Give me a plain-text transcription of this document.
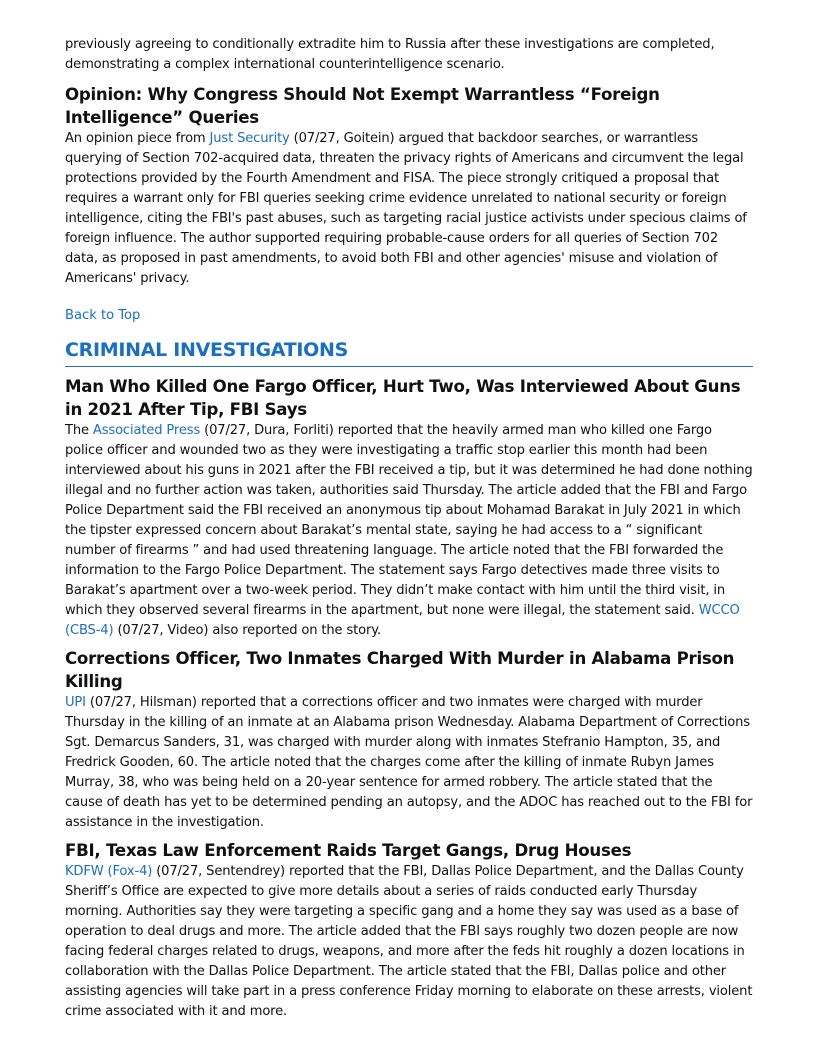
previously agreeing to conditionally extradite him to Russia after these investigations are completed, demonstrating a complex international counterintelligence scenario.

Opinion: Why Congress Should Not Exempt Warrantless “Foreign Intelligence” Queries

An opinion piece from Just Security (07/27, Goitein) argued that backdoor searches, or warrantless querying of Section 702-acquired data, threaten the privacy rights of Americans and circumvent the legal protections provided by the Fourth Amendment and FISA. The piece strongly critiqued a proposal that requires a warrant only for FBI queries seeking crime evidence unrelated to national security or foreign intelligence, citing the FBI's past abuses, such as targeting racial justice activists under specious claims of foreign influence. The author supported requiring probable-cause orders for all queries of Section 702 data, as proposed in past amendments, to avoid both FBI and other agencies' misuse and violation of Americans' privacy.

Back to Top
CRIMINAL INVESTIGATIONS
Man Who Killed One Fargo Officer, Hurt Two, Was Interviewed About Guns in 2021 After Tip, FBI Says

The Associated Press (07/27, Dura, Forliti) reported that the heavily armed man who killed one Fargo police officer and wounded two as they were investigating a traffic stop earlier this month had been interviewed about his guns in 2021 after the FBI received a tip, but it was determined he had done nothing illegal and no further action was taken, authorities said Thursday. The article added that the FBI and Fargo Police Department said the FBI received an anonymous tip about Mohamad Barakat in July 2021 in which the tipster expressed concern about Barakat’s mental state, saying he had access to a “ significant number of firearms ” and had used threatening language. The article noted that the FBI forwarded the information to the Fargo Police Department. The statement says Fargo detectives made three visits to Barakat’s apartment over a two-week period. They didn’t make contact with him until the third visit, in which they observed several firearms in the apartment, but none were illegal, the statement said. WCCO (CBS-4) (07/27, Video) also reported on the story.

Corrections Officer, Two Inmates Charged With Murder in Alabama Prison Killing

UPI (07/27, Hilsman) reported that a corrections officer and two inmates were charged with murder Thursday in the killing of an inmate at an Alabama prison Wednesday. Alabama Department of Corrections Sgt. Demarcus Sanders, 31, was charged with murder along with inmates Stefranio Hampton, 35, and Fredrick Gooden, 60. The article noted that the charges come after the killing of inmate Rubyn James Murray, 38, who was being held on a 20-year sentence for armed robbery. The article stated that the cause of death has yet to be determined pending an autopsy, and the ADOC has reached out to the FBI for assistance in the investigation.

FBI, Texas Law Enforcement Raids Target Gangs, Drug Houses

KDFW (Fox-4) (07/27, Sentendrey) reported that the FBI, Dallas Police Department, and the Dallas County Sheriff’s Office are expected to give more details about a series of raids conducted early Thursday morning. Authorities say they were targeting a specific gang and a home they say was used as a base of operation to deal drugs and more. The article added that the FBI says roughly two dozen people are now facing federal charges related to drugs, weapons, and more after the feds hit roughly a dozen locations in collaboration with the Dallas Police Department. The article stated that the FBI, Dallas police and other assisting agencies will take part in a press conference Friday morning to elaborate on these arrests, violent crime associated with it and more.
